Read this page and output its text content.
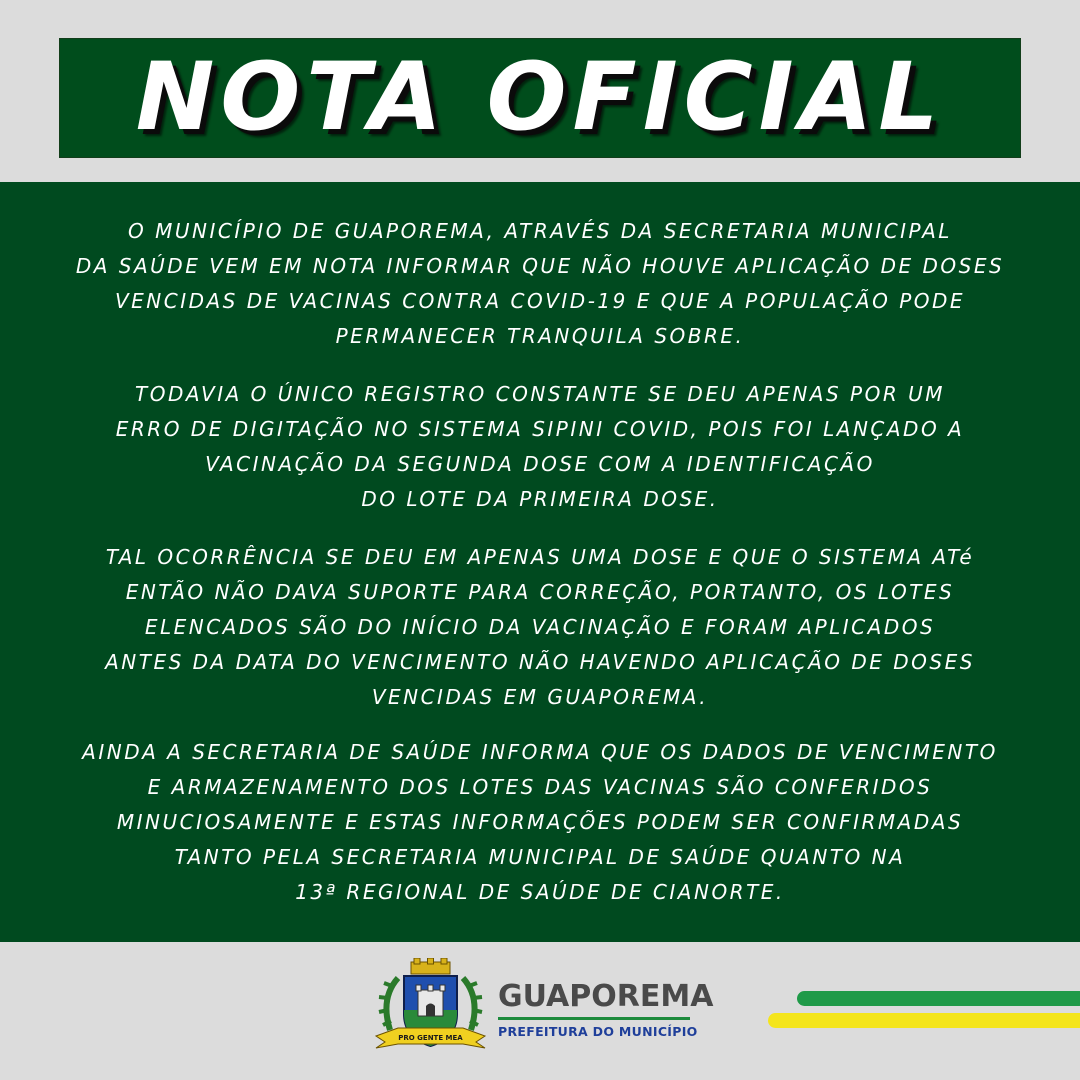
NOTA OFICIAL

O MUNICÍPIO DE GUAPOREMA, ATRAVÉS DA SECRETARIA MUNICIPAL
DA SAÚDE VEM EM NOTA INFORMAR QUE NÃO HOUVE APLICAÇÃO DE DOSES
VENCIDAS DE VACINAS CONTRA COVID-19 E QUE A POPULAÇÃO PODE
PERMANECER TRANQUILA SOBRE.

TODAVIA O ÚNICO REGISTRO CONSTANTE SE DEU APENAS POR UM
ERRO DE DIGITAÇÃO NO SISTEMA SIPINI COVID, POIS FOI LANÇADO A
VACINAÇÃO DA SEGUNDA DOSE COM A IDENTIFICAÇÃO
DO LOTE DA PRIMEIRA DOSE.

TAL OCORRÊNCIA SE DEU EM APENAS UMA DOSE E QUE O SISTEMA ATé
ENTÃO NÃO DAVA SUPORTE PARA CORREÇÃO, PORTANTO, OS LOTES
ELENCADOS SÃO DO INÍCIO DA VACINAÇÃO E FORAM APLICADOS
ANTES DA DATA DO VENCIMENTO NÃO HAVENDO APLICAÇÃO DE DOSES
VENCIDAS EM GUAPOREMA.

AINDA A SECRETARIA DE SAÚDE INFORMA QUE OS DADOS DE VENCIMENTO
E ARMAZENAMENTO DOS LOTES DAS VACINAS SÃO CONFERIDOS
MINUCIOSAMENTE E ESTAS INFORMAÇÕES PODEM SER CONFIRMADAS
TANTO PELA SECRETARIA MUNICIPAL DE SAÚDE QUANTO NA
13ª REGIONAL DE SAÚDE DE CIANORTE.

PRO GENTE MEA
GUAPOREMA
PREFEITURA DO MUNICÍPIO
